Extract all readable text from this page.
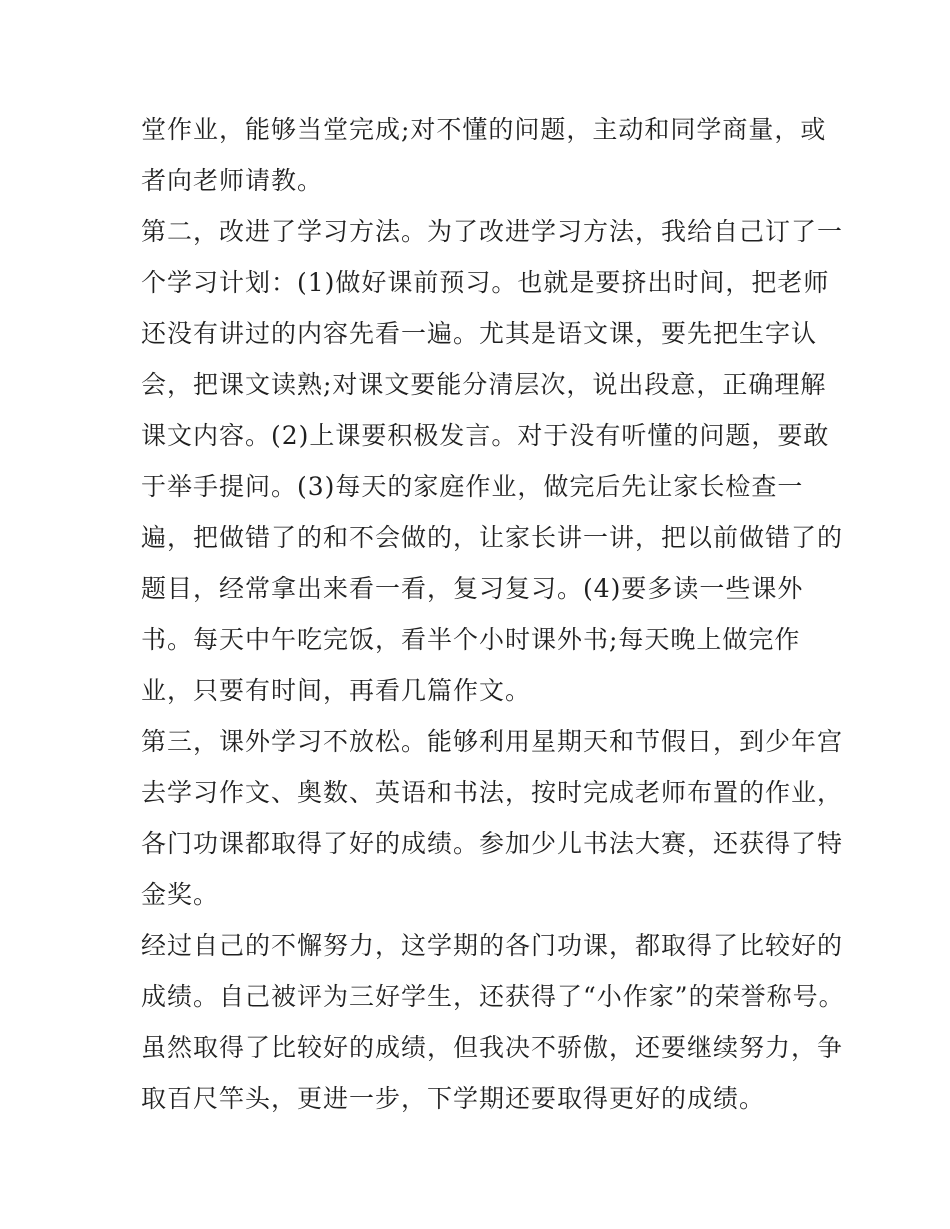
堂作业，能够当堂完成;对不懂的问题，主动和同学商量，或
者向老师请教。
第二，改进了学习方法。为了改进学习方法，我给自己订了一
个学习计划：(1)做好课前预习。也就是要挤出时间，把老师
还没有讲过的内容先看一遍。尤其是语文课，要先把生字认
会，把课文读熟;对课文要能分清层次，说出段意，正确理解
课文内容。(2)上课要积极发言。对于没有听懂的问题，要敢
于举手提问。(3)每天的家庭作业，做完后先让家长检查一
遍，把做错了的和不会做的，让家长讲一讲，把以前做错了的
题目，经常拿出来看一看，复习复习。(4)要多读一些课外
书。每天中午吃完饭，看半个小时课外书;每天晚上做完作
业，只要有时间，再看几篇作文。
第三，课外学习不放松。能够利用星期天和节假日，到少年宫
去学习作文、奥数、英语和书法，按时完成老师布置的作业，
各门功课都取得了好的成绩。参加少儿书法大赛，还获得了特
金奖。
经过自己的不懈努力，这学期的各门功课，都取得了比较好的
成绩。自己被评为三好学生，还获得了“小作家”的荣誉称号。
虽然取得了比较好的成绩，但我决不骄傲，还要继续努力，争
取百尺竿头，更进一步，下学期还要取得更好的成绩。
